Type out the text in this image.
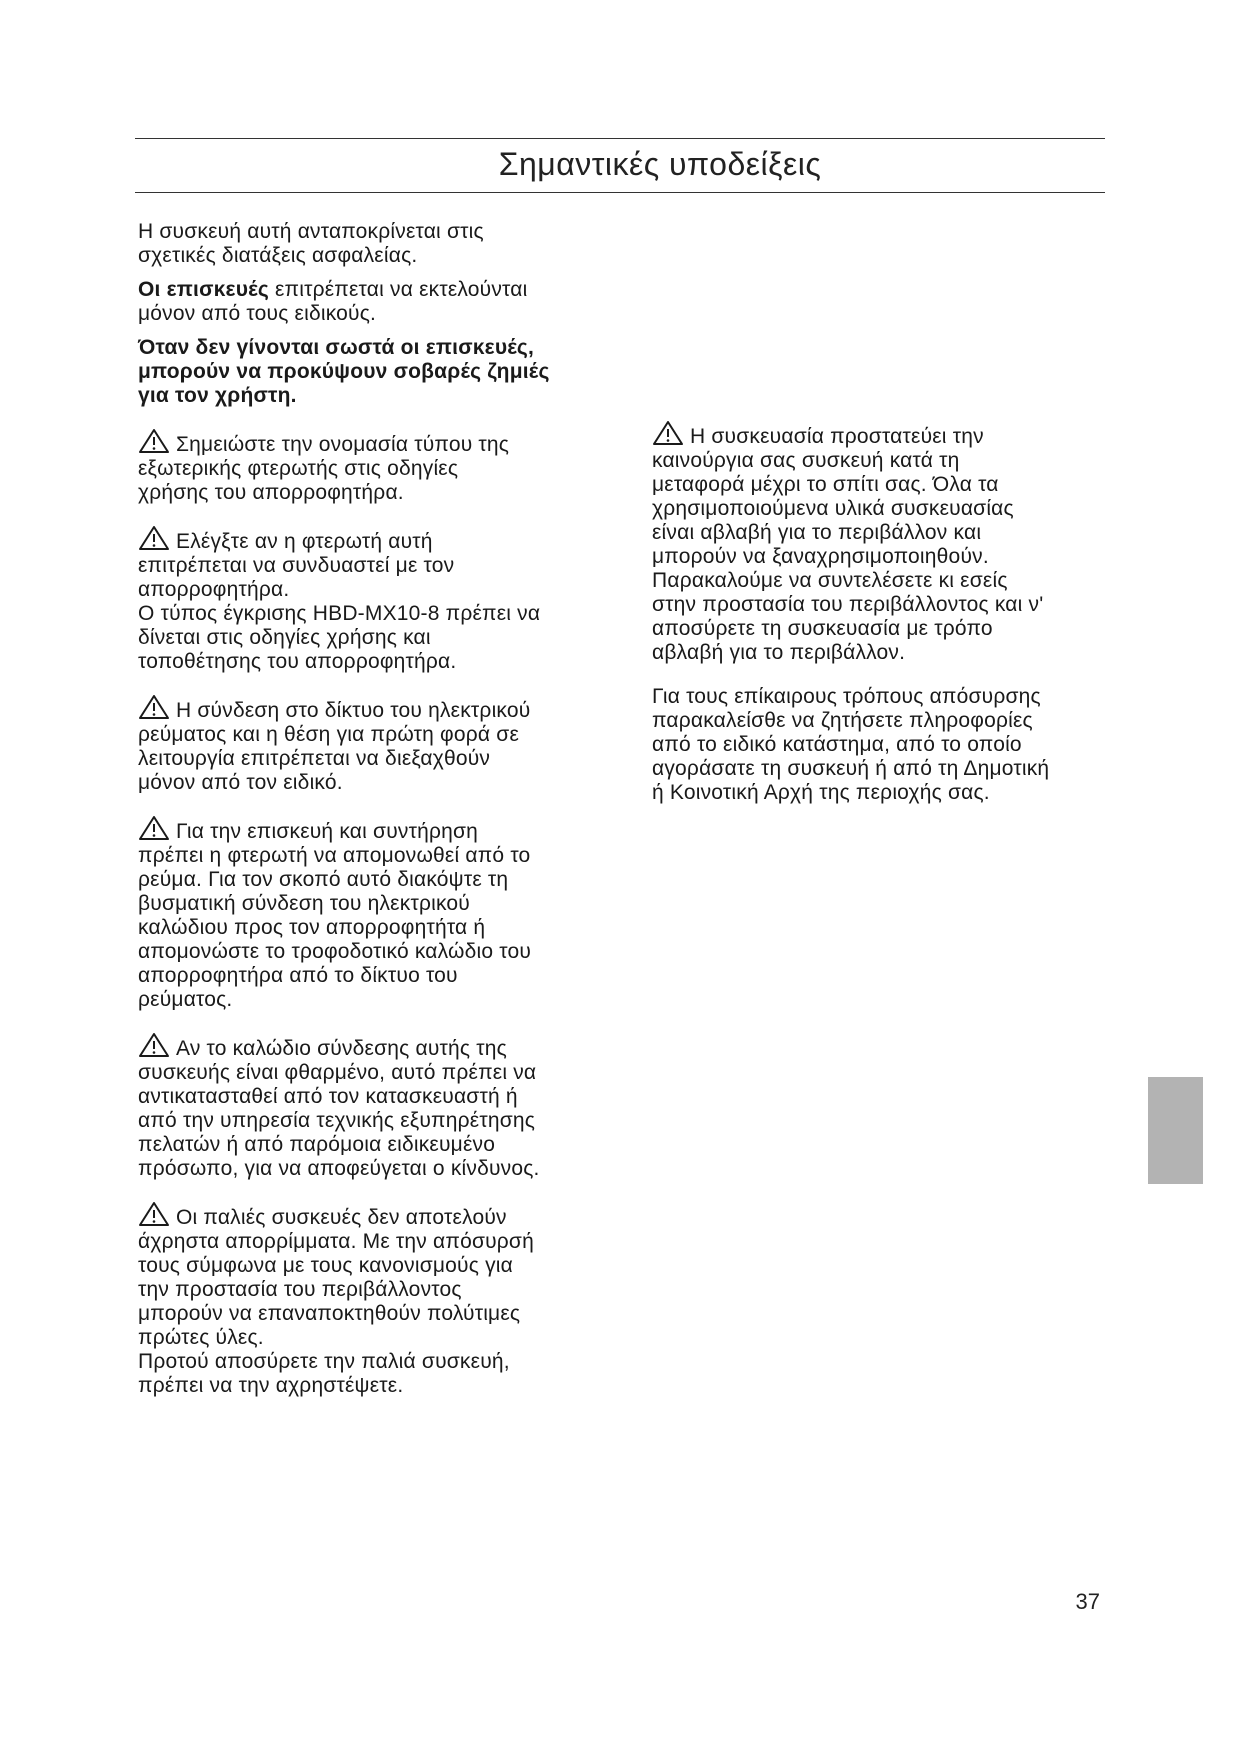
Σημαντικές υποδείξεις

Η συσκευή αυτή ανταποκρίνεται στις
σχετικές διατάξεις ασφαλείας.

Οι επισκευές επιτρέπεται να εκτελούνται
μόνον από τους ειδικούς.

Όταν δεν γίνονται σωστά οι επισκευές,
μπορούν να προκύψουν σοβαρές ζημιές
για τον χρήστη.

Σημειώστε την ονομασία τύπου της
εξωτερικής φτερωτής στις οδηγίες
χρήσης του απορροφητήρα.

Ελέγξτε αν η φτερωτή αυτή
επιτρέπεται να συνδυαστεί με τον
απορροφητήρα.
Ο τύπος έγκρισης HBD-MX10-8 πρέπει να
δίνεται στις οδηγίες χρήσης και
τοποθέτησης του απορροφητήρα.

Η σύνδεση στο δίκτυο του ηλεκτρικού
ρεύματος και η θέση για πρώτη φορά σε
λειτουργία επιτρέπεται να διεξαχθούν
μόνον από τον ειδικό.

Για την επισκευή και συντήρηση
πρέπει η φτερωτή να απομονωθεί από το
ρεύμα. Για τον σκοπό αυτό διακόψτε τη
βυσματική σύνδεση του ηλεκτρικού
καλώδιου προς τον απορροφητήτα ή
απομονώστε το τροφοδοτικό καλώδιο του
απορροφητήρα από το δίκτυο του
ρεύματος.

Αν το καλώδιο σύνδεσης αυτής της
συσκευής είναι φθαρμένο, αυτό πρέπει να
αντικατασταθεί από τον κατασκευαστή ή
από την υπηρεσία τεχνικής εξυπηρέτησης
πελατών ή από παρόμοια ειδικευμένο
πρόσωπο, για να αποφεύγεται ο κίνδυνος.

Οι παλιές συσκευές δεν αποτελούν
άχρηστα απορρίμματα. Με την απόσυρσή
τους σύμφωνα με τους κανονισμούς για
την προστασία του περιβάλλοντος
μπορούν να επαναποκτηθούν πολύτιμες
πρώτες ύλες.
Προτού αποσύρετε την παλιά συσκευή,
πρέπει να την αχρηστέψετε.

Η συσκευασία προστατεύει την
καινούργια σας συσκευή κατά τη
μεταφορά μέχρι το σπίτι σας. Όλα τα
χρησιμοποιούμενα υλικά συσκευασίας
είναι αβλαβή για το περιβάλλον και
μπορούν να ξαναχρησιμοποιηθούν.
Παρακαλούμε να συντελέσετε κι εσείς
στην προστασία του περιβάλλοντος και ν'
αποσύρετε τη συσκευασία με τρόπο
αβλαβή για το περιβάλλον.

Για τους επίκαιρους τρόπους απόσυρσης
παρακαλείσθε να ζητήσετε πληροφορίες
από το ειδικό κατάστημα, από το οποίο
αγοράσατε τη συσκευή ή από τη Δημοτική
ή Κοινοτική Αρχή της περιοχής σας.

37
